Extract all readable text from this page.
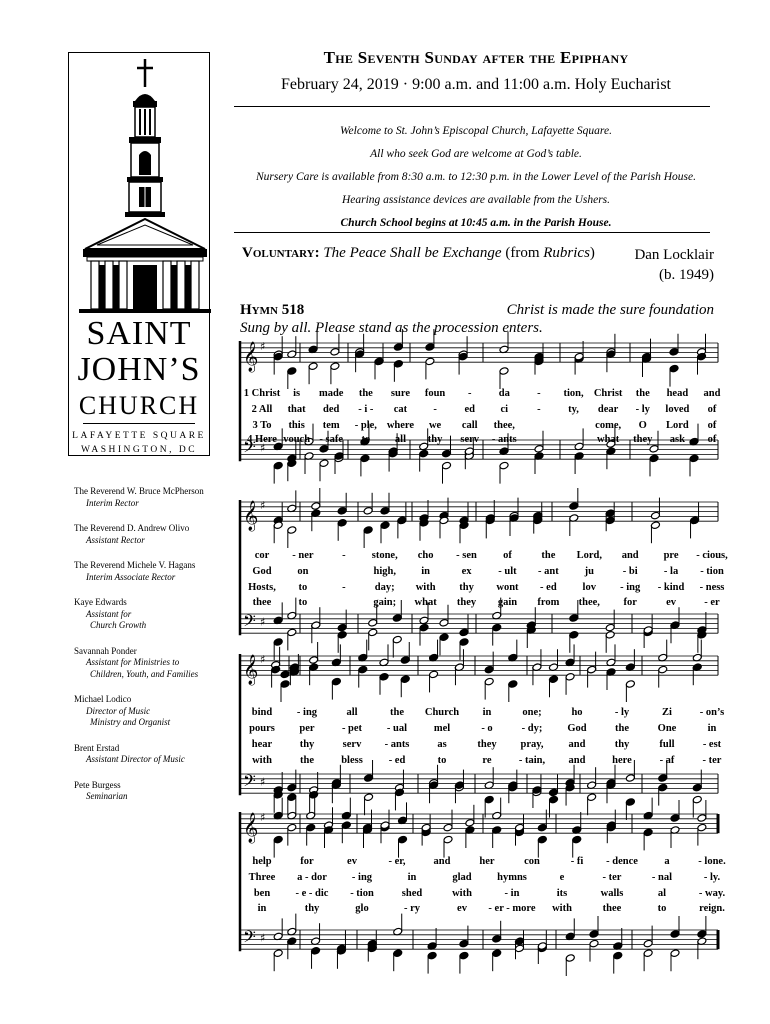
SAINT
JOHN’S
CHURCH
LAFAYETTE SQUARE
WASHINGTON, DC
The Reverend W. Bruce McPherson
Interim Rector
The Reverend D. Andrew Olivo
Assistant Rector
The Reverend Michele V. Hagans
Interim Associate Rector
Kaye Edwards
Assistant for
Church Growth
Savannah Ponder
Assistant for Ministries to
Children, Youth, and Families
Michael Lodico
Director of Music
Ministry and Organist
Brent Erstad
Assistant Director of Music
Pete Burgess
Seminarian
The Seventh Sunday after the Epiphany
February 24, 2019 · 9:00 a.m. and 11:00 a.m. Holy Eucharist
Welcome to St. John’s Episcopal Church, Lafayette Square.
All who seek God are welcome at God’s table.
Nursery Care is available from 8:30 a.m. to 12:30 p.m. in the Lower Level of the Parish House.
Hearing assistance devices are available from the Ushers.
Church School begins at 10:45 a.m. in the Parish House.
Voluntary: The Peace Shall be Exchange (from Rubrics)	Dan Locklair
(b. 1949)
Hymn 518	Christ is made the sure foundation
Sung by all. Please stand as the procession enters.
𝄞 ♯
𝄢 ♯
𝄞 ♯
𝄢 ♯
𝄞 ♯
𝄢 ♯
𝄞 ♯
𝄢 ♯
1 Christ is made the sure foun -	da	- tion, Christ the head and
2 All that ded - i - cat -	ed ci	-	ty, dear - ly loved of
3 To this tem - ple, where we call thee,	come, O Lord of
4 Here vouch - safe to all thy serv - ants	what they ask of
cor - ner	- stone, cho - sen of	the Lord, and pre - cious,
God on	high, in	ex	- ult - ant ju	- bi	- la - tion
Hosts, to	-	day; with thy wont - ed lov - ing - kind - ness
thee	to	gain; what they gain from thee, for	ev	- er
bind - ing	all	the Church in	one;	ho	- ly	Zi	- on’s
pours per	- pet - ual	mel	- o	- dy; God	the	One	in
hear	thy	serv - ants	as	they pray, and	thy	full	- est
with	the	bless - ed	to	re	- tain, and	here	- af	- ter
help	for	ev	- er,	and	her	con	- fi - dence	a	- lone.
Three a - dor - ing	in	glad hymns	e	- ter	- nal	- ly.
ben - e - dic - tion	shed	with	- in	its	walls	al	- way.
in	thy	glo	- ry	ev - er - more with	thee	to	reign.
